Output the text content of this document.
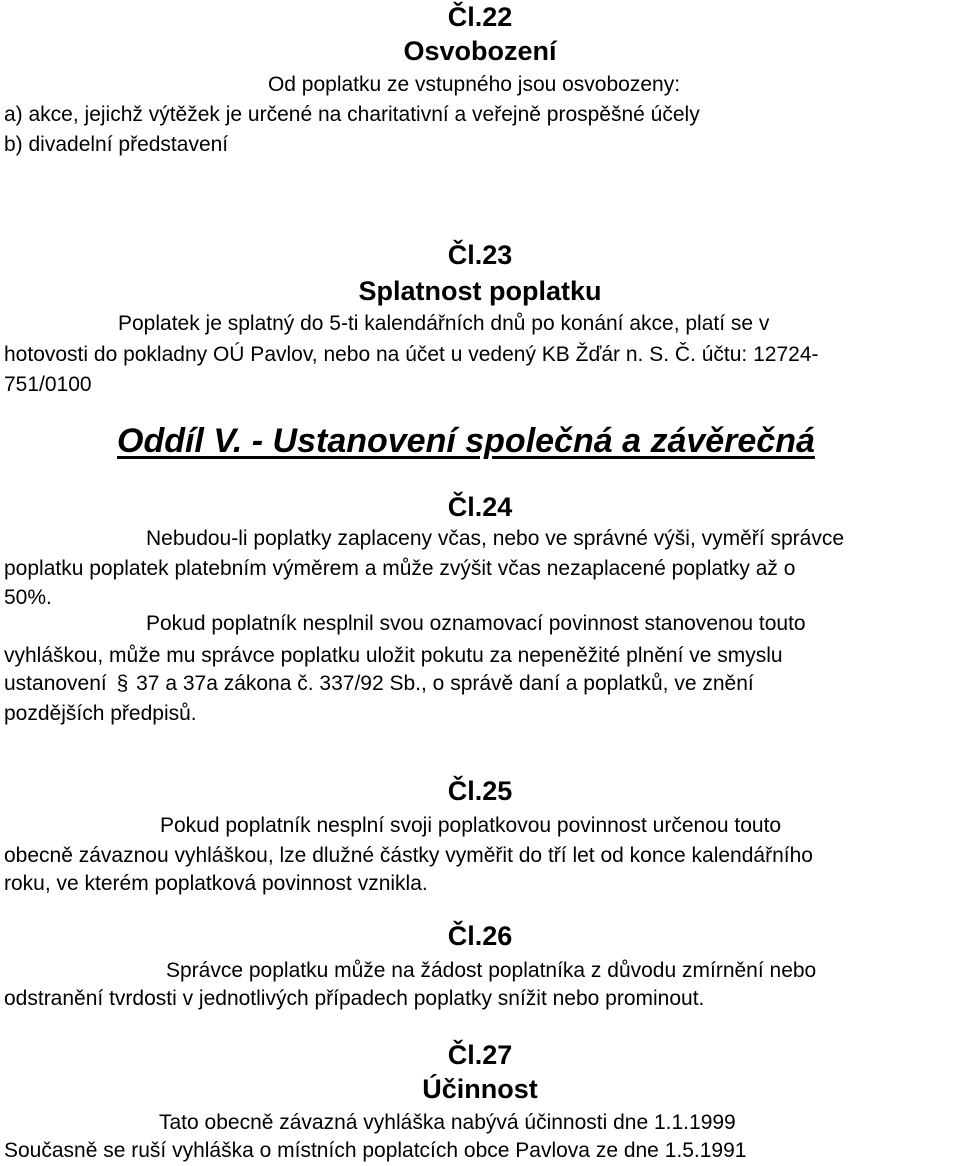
Čl.22
Osvobození
Od poplatku ze vstupného jsou osvobozeny:
a) akce, jejichž výtěžek je určené na charitativní a veřejně prospěšné účely
b) divadelní představení
Čl.23
Splatnost poplatku
Poplatek je splatný do 5-ti kalendářních dnů po konání akce, platí se v
hotovosti do pokladny OÚ Pavlov, nebo na účet u vedený KB Žďár n. S. Č. účtu: 12724-
751/0100
Oddíl V. - Ustanovení společná a závěrečná
Čl.24
Nebudou-li poplatky zaplaceny včas, nebo ve správné výši, vyměří správce
poplatku poplatek platebním výměrem a může zvýšit včas nezaplacené poplatky až o
50%.
Pokud poplatník nesplnil svou oznamovací povinnost stanovenou touto
vyhláškou, může mu správce poplatku uložit pokutu za nepeněžité plnění ve smyslu
ustanovení § 37 a 37a zákona č. 337/92 Sb., o správě daní a poplatků, ve znění
pozdějších předpisů.
Čl.25
Pokud poplatník nesplní svoji poplatkovou povinnost určenou touto
obecně závaznou vyhláškou, lze dlužné částky vyměřit do tří let od konce kalendářního
roku, ve kterém poplatková povinnost vznikla.
Čl.26
Správce poplatku může na žádost poplatníka z důvodu zmírnění nebo
odstranění tvrdosti v jednotlivých případech poplatky snížit nebo prominout.
Čl.27
Účinnost
Tato obecně závazná vyhláška nabývá účinnosti dne 1.1.1999
Současně se ruší vyhláška o místních poplatcích obce Pavlova ze dne 1.5.1991
